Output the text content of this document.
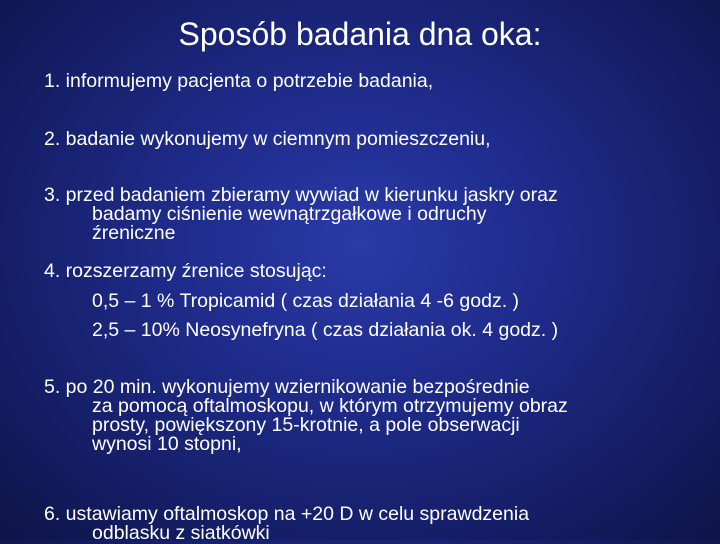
Sposób badania dna oka:

1. informujemy pacjenta o potrzebie badania,

2. badanie wykonujemy w ciemnym pomieszczeniu,

3. przed badaniem zbieramy wywiad w kierunku jaskry oraz
badamy ciśnienie wewnątrzgałkowe i odruchy
źreniczne

4. rozszerzamy źrenice stosując:

0,5 – 1 % Tropicamid ( czas działania 4 -6 godz. )
2,5 – 10% Neosynefryna ( czas działania ok. 4 godz. )

5. po 20 min. wykonujemy wziernikowanie bezpośrednie
za pomocą oftalmoskopu, w którym otrzymujemy obraz
prosty, powiększony 15-krotnie, a pole obserwacji
wynosi 10 stopni,

6. ustawiamy oftalmoskop na +20 D w celu sprawdzenia
odblasku z siatkówki
